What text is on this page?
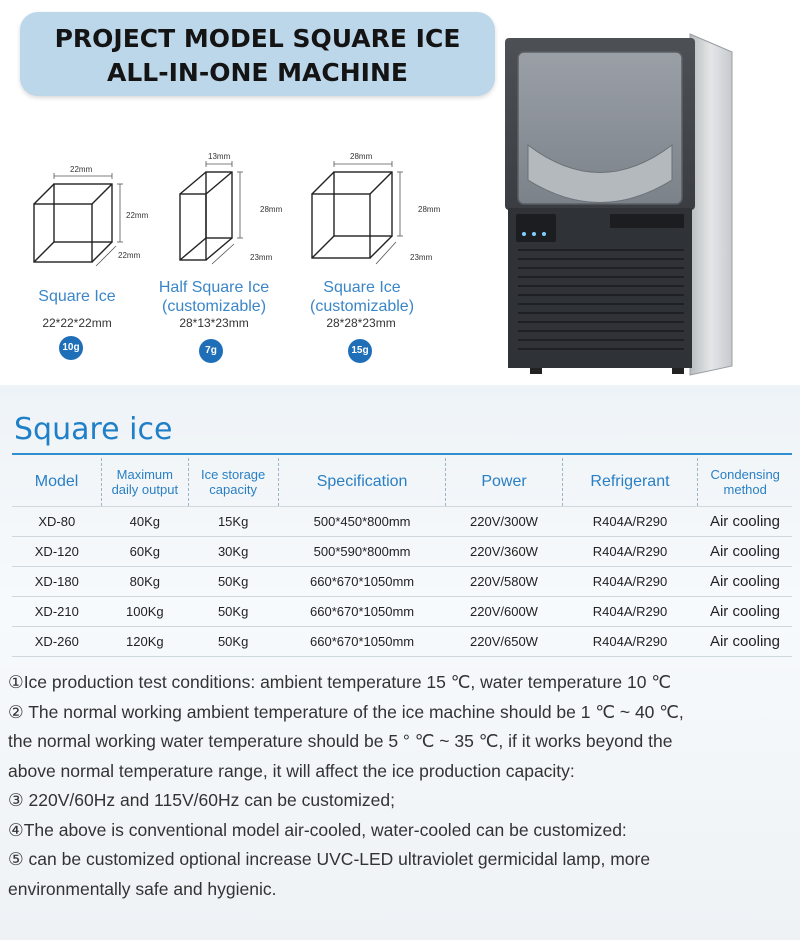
PROJECT MODEL SQUARE ICE
ALL-IN-ONE MACHINE
22mm
22mm
22mm
13mm
28mm
23mm
28mm
28mm
23mm
Square Ice
22*22*22mm
10g
Half Square Ice
(customizable)
28*13*23mm
7g
Square Ice
(customizable)
28*28*23mm
15g
Square ice
Model	Maximum daily output	Ice storage capacity	Specification	Power	Refrigerant	Condensing method
XD-80	40Kg	15Kg	500*450*800mm	220V/300W	R404A/R290	Air cooling
XD-120	60Kg	30Kg	500*590*800mm	220V/360W	R404A/R290	Air cooling
XD-180	80Kg	50Kg	660*670*1050mm	220V/580W	R404A/R290	Air cooling
XD-210	100Kg	50Kg	660*670*1050mm	220V/600W	R404A/R290	Air cooling
XD-260	120Kg	50Kg	660*670*1050mm	220V/650W	R404A/R290	Air cooling

①Ice production test conditions: ambient temperature 15 ℃, water temperature 10 ℃

② The normal working ambient temperature of the ice machine should be 1 ℃ ~ 40 ℃,

the normal working water temperature should be 5 ° ℃ ~ 35 ℃, if it works beyond the

above normal temperature range, it will affect the ice production capacity:

③ 220V/60Hz and 115V/60Hz can be customized;

④The above is conventional model air-cooled, water-cooled can be customized:

⑤ can be customized optional increase UVC-LED ultraviolet germicidal lamp, more

environmentally safe and hygienic.
